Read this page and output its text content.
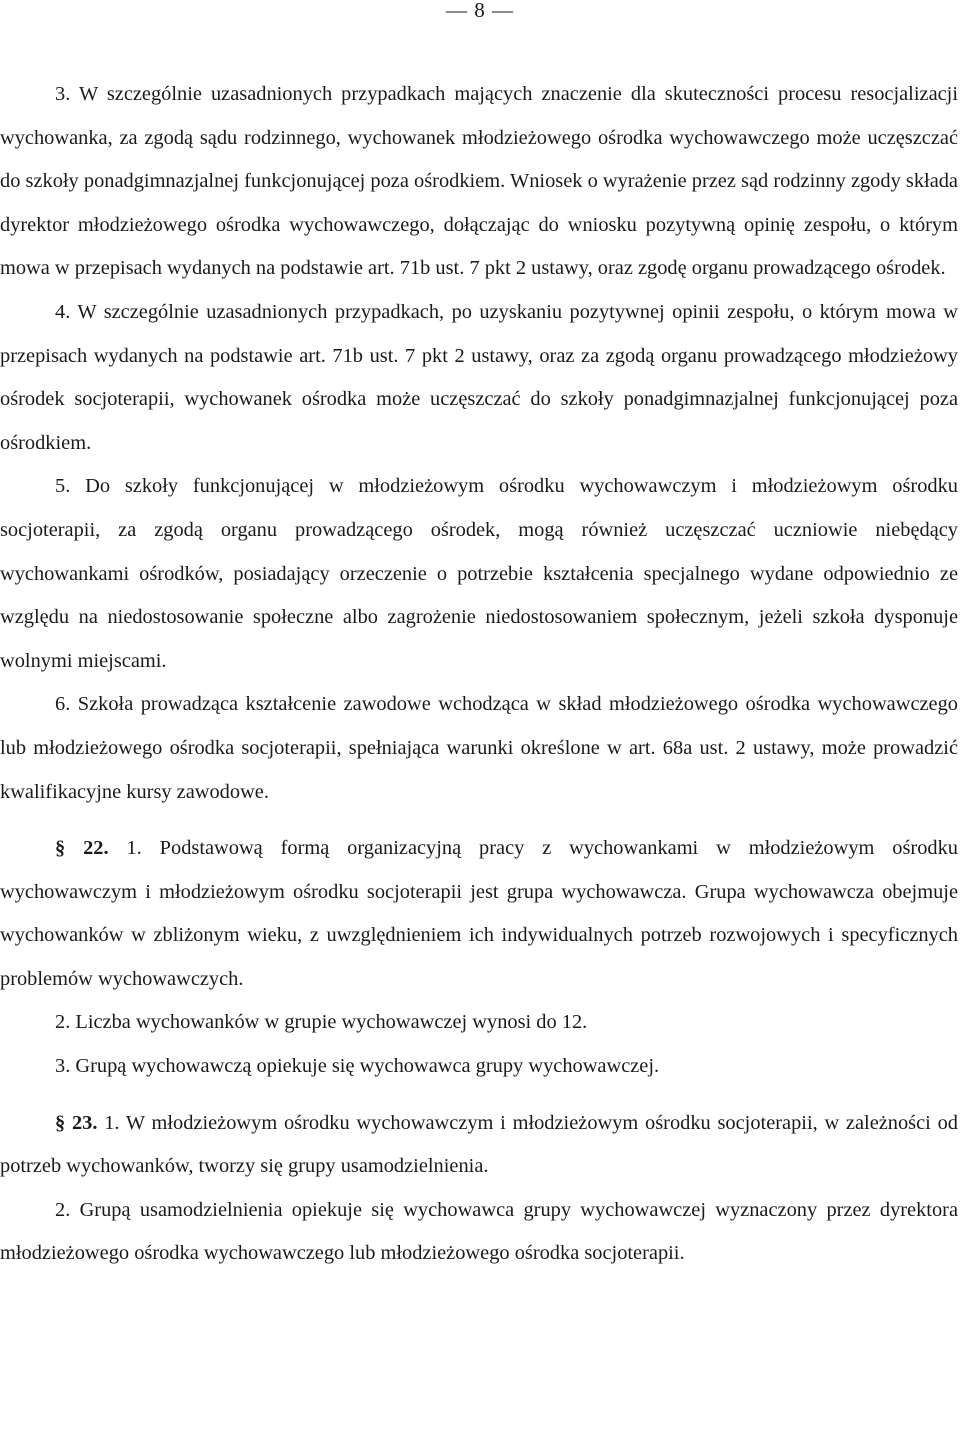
— 8 —

3. W szczególnie uzasadnionych przypadkach mających znaczenie dla skuteczności procesu resocjalizacji wychowanka, za zgodą sądu rodzinnego, wychowanek młodzieżowego ośrodka wychowawczego może uczęszczać do szkoły ponadgimnazjalnej funkcjonującej poza ośrodkiem. Wniosek o wyrażenie przez sąd rodzinny zgody składa dyrektor młodzieżowego ośrodka wychowawczego, dołączając do wniosku pozytywną opinię zespołu, o którym mowa w przepisach wydanych na podstawie art. 71b ust. 7 pkt 2 ustawy, oraz zgodę organu prowadzącego ośrodek.

4. W szczególnie uzasadnionych przypadkach, po uzyskaniu pozytywnej opinii zespołu, o którym mowa w przepisach wydanych na podstawie art. 71b ust. 7 pkt 2 ustawy, oraz za zgodą organu prowadzącego młodzieżowy ośrodek socjoterapii, wychowanek ośrodka może uczęszczać do szkoły ponadgimnazjalnej funkcjonującej poza ośrodkiem.

5. Do szkoły funkcjonującej w młodzieżowym ośrodku wychowawczym i młodzieżowym ośrodku socjoterapii, za zgodą organu prowadzącego ośrodek, mogą również uczęszczać uczniowie niebędący wychowankami ośrodków, posiadający orzeczenie o potrzebie kształcenia specjalnego wydane odpowiednio ze względu na niedostosowanie społeczne albo zagrożenie niedostosowaniem społecznym, jeżeli szkoła dysponuje wolnymi miejscami.

6. Szkoła prowadząca kształcenie zawodowe wchodząca w skład młodzieżowego ośrodka wychowawczego lub młodzieżowego ośrodka socjoterapii, spełniająca warunki określone w art. 68a ust. 2 ustawy, może prowadzić kwalifikacyjne kursy zawodowe.

§ 22. 1. Podstawową formą organizacyjną pracy z wychowankami w młodzieżowym ośrodku wychowawczym i młodzieżowym ośrodku socjoterapii jest grupa wychowawcza. Grupa wychowawcza obejmuje wychowanków w zbliżonym wieku, z uwzględnieniem ich indywidualnych potrzeb rozwojowych i specyficznych problemów wychowawczych.

2. Liczba wychowanków w grupie wychowawczej wynosi do 12.

3. Grupą wychowawczą opiekuje się wychowawca grupy wychowawczej.

§ 23. 1. W młodzieżowym ośrodku wychowawczym i młodzieżowym ośrodku socjoterapii, w zależności od potrzeb wychowanków, tworzy się grupy usamodzielnienia.

2. Grupą usamodzielnienia opiekuje się wychowawca grupy wychowawczej wyznaczony przez dyrektora młodzieżowego ośrodka wychowawczego lub młodzieżowego ośrodka socjoterapii.
